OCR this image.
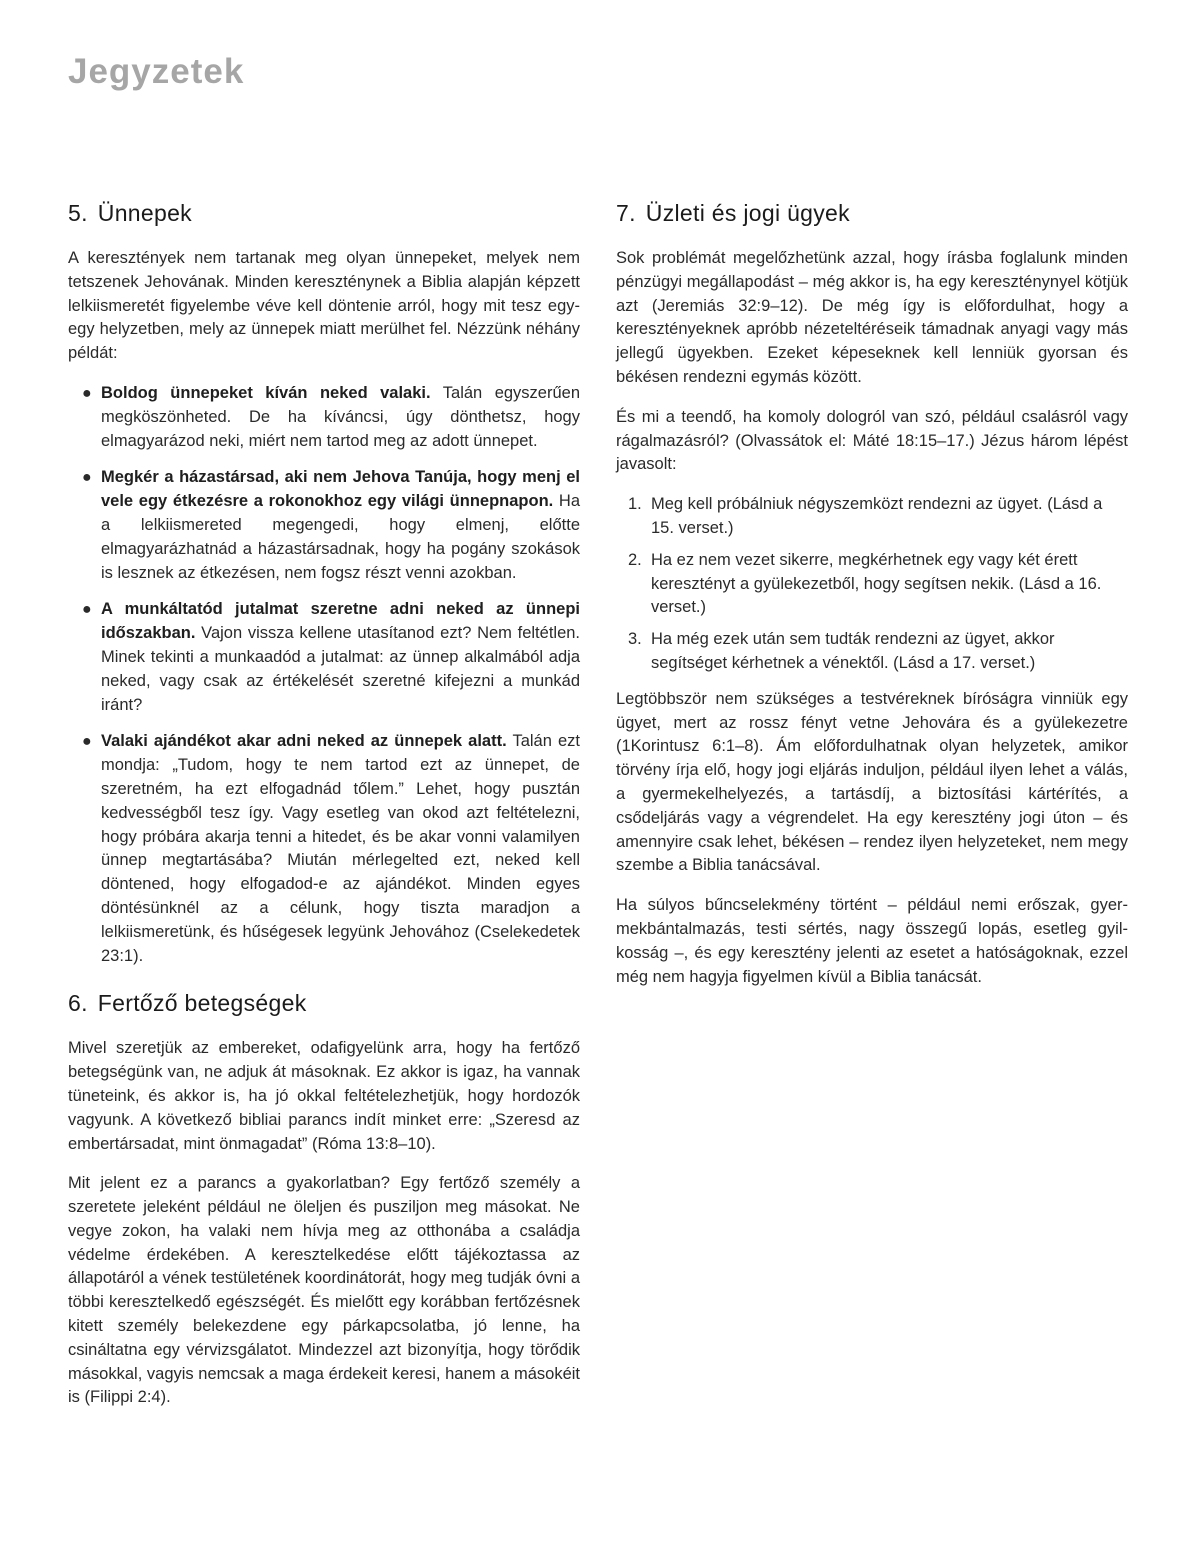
Jegyzetek
5. Ünnepek

A keresztények nem tartanak meg olyan ünnepeket, melyek nem tetszenek Jehovának. Minden kereszténynek a Biblia alapján képzett lelkiismeretét figyelembe véve kell döntenie arról, hogy mit tesz egy-egy helyzetben, mely az ünnepek miatt merülhet fel. Nézzünk néhány példát:

● Boldog ünnepeket kíván neked valaki. Talán egyszerűen megköszönheted. De ha kíváncsi, úgy dönthetsz, hogy elmagyarázod neki, miért nem tartod meg az adott ünnepet.
● Megkér a házastársad, aki nem Jehova Tanúja, hogy menj el vele egy étkezésre a rokonokhoz egy világi ünnepnapon. Ha a lelkiismereted megengedi, hogy elmenj, előtte elmagyarázhatnád a házastársadnak, hogy ha pogány szokások is lesznek az étkezésen, nem fogsz részt venni azokban.
● A munkáltatód jutalmat szeretne adni neked az ünnepi időszakban. Vajon vissza kellene utasítanod ezt? Nem feltétlen. Minek tekinti a munkaadód a jutalmat: az ünnep alkalmából adja neked, vagy csak az értékelését szeretné kifejezni a munkád iránt?
● Valaki ajándékot akar adni neked az ünnepek alatt. Talán ezt mondja: „Tudom, hogy te nem tartod ezt az ünnepet, de szeretném, ha ezt elfogadnád tőlem.” Lehet, hogy pusztán kedvességből tesz így. Vagy esetleg van okod azt feltételezni, hogy próbára akarja tenni a hitedet, és be akar vonni valamilyen ünnep megtartásába? Miután mérlegelted ezt, neked kell döntened, hogy elfogadod-e az ajándékot. Minden egyes döntésünknél az a célunk, hogy tiszta maradjon a lelkiismeretünk, és hűségesek legyünk Jehovához (Cselekedetek 23:1).
6. Fertőző betegségek

Mivel szeretjük az embereket, odafigyelünk arra, hogy ha fertőző betegségünk van, ne adjuk át másoknak. Ez akkor is igaz, ha vannak tüneteink, és akkor is, ha jó okkal feltételezhetjük, hogy hordozók vagyunk. A következő bibliai parancs indít minket erre: „Szeresd az embertársadat, mint önmagadat” (Róma 13:8–10).

Mit jelent ez a parancs a gyakorlatban? Egy fertőző személy a szeretete jeleként például ne öleljen és pusziljon meg másokat. Ne vegye zokon, ha valaki nem hívja meg az otthonába a családja védelme érdekében. A keresztelkedése előtt tájékoztassa az állapotáról a vének testületének koordinátorát, hogy meg tudják óvni a többi keresztelkedő egészségét. És mielőtt egy korábban fertőzésnek kitett személy belekezdene egy párkapcsolatba, jó lenne, ha csináltatna egy vérvizsgálatot. Mindezzel azt bizonyítja, hogy törődik másokkal, vagyis nemcsak a maga érdekeit keresi, hanem a másokéit is (Filippi 2:4).

7. Üzleti és jogi ügyek

Sok problémát megelőzhetünk azzal, hogy írásba foglalunk minden pénzügyi megállapodást – még akkor is, ha egy kereszténynyel kötjük azt (Jeremiás 32:9–12). De még így is előfordulhat, hogy a keresztényeknek apróbb nézeteltéréseik támadnak anyagi vagy más jellegű ügyekben. Ezeket képeseknek kell lenniük gyorsan és békésen rendezni egymás között.

És mi a teendő, ha komoly dologról van szó, például csalásról vagy rágalmazásról? (Olvassátok el: Máté 18:15–17.) Jézus három lépést javasolt:

1. Meg kell próbálniuk négyszemközt rendezni az ügyet. (Lásd a 15. verset.)
2. Ha ez nem vezet sikerre, megkérhetnek egy vagy két érett keresztényt a gyülekezetből, hogy segítsen nekik. (Lásd a 16. verset.)
3. Ha még ezek után sem tudták rendezni az ügyet, akkor segítséget kérhetnek a vénektől. (Lásd a 17. verset.)

Legtöbbször nem szükséges a testvéreknek bíróságra vinniük egy ügyet, mert az rossz fényt vetne Jehovára és a gyülekezetre (1Korintusz 6:1–8). Ám előfordulhatnak olyan helyzetek, amikor törvény írja elő, hogy jogi eljárás induljon, például ilyen lehet a válás, a gyermekelhelyezés, a tartásdíj, a biztosítási kártérítés, a csődeljárás vagy a végrendelet. Ha egy keresztény jogi úton – és amennyire csak lehet, békésen – rendez ilyen helyzeteket, nem megy szembe a Biblia tanácsával.

Ha súlyos bűncselekmény történt – például nemi erőszak, gyermekbántalmazás, testi sértés, nagy összegű lopás, esetleg gyilkosság –, és egy keresztény jelenti az esetet a hatóságoknak, ezzel még nem hagyja figyelmen kívül a Biblia tanácsát.
